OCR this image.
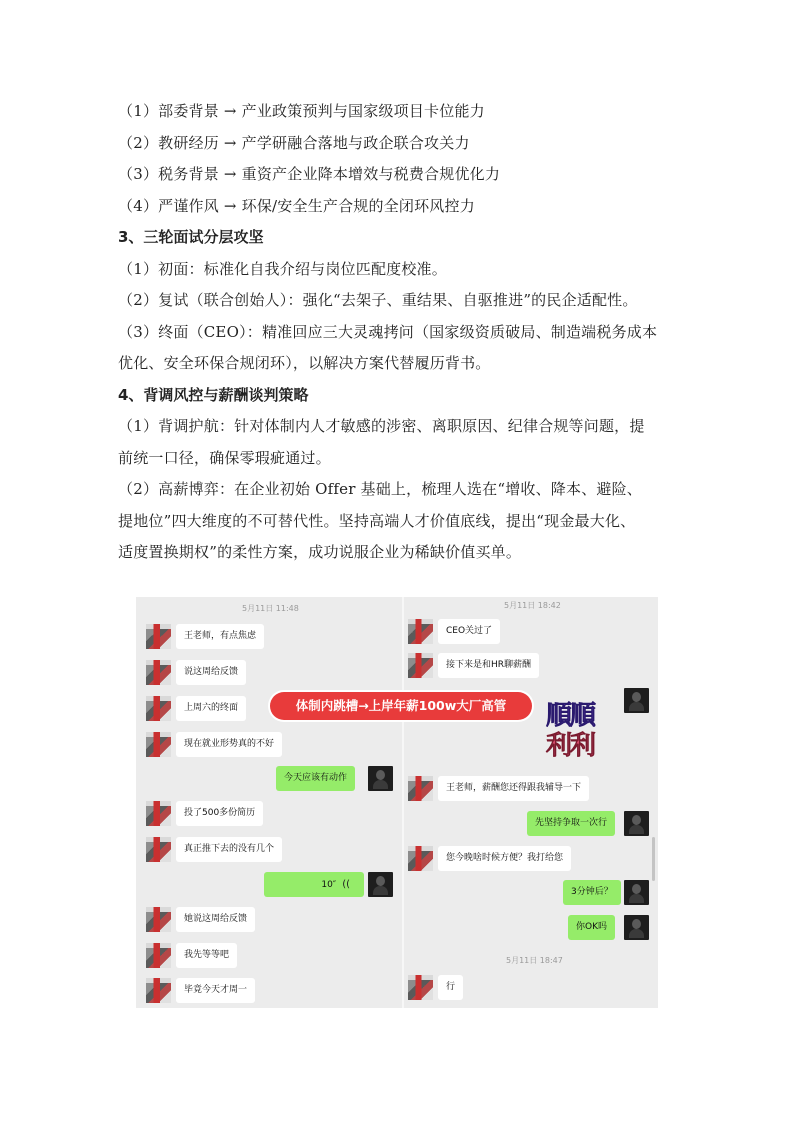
（1）部委背景 → 产业政策预判与国家级项目卡位能力
（2）教研经历 → 产学研融合落地与政企联合攻关力
（3）税务背景 → 重资产企业降本增效与税费合规优化力
（4）严谨作风 → 环保/安全生产合规的全闭环风控力
3、三轮面试分层攻坚
（1）初面：标准化自我介绍与岗位匹配度校准。
（2）复试（联合创始人）：强化“去架子、重结果、自驱推进”的民企适配性。
（3）终面（CEO）：精准回应三大灵魂拷问（国家级资质破局、制造端税务成本
优化、安全环保合规闭环），以解决方案代替履历背书。
4、背调风控与薪酬谈判策略
（1）背调护航：针对体制内人才敏感的涉密、离职原因、纪律合规等问题，提
前统一口径，确保零瑕疵通过。
（2）高薪博弈：在企业初始 Offer 基础上，梳理人选在“增收、降本、避险、
提地位”四大维度的不可替代性。坚持高端人才价值底线，提出“现金最大化、
适度置换期权”的柔性方案，成功说服企业为稀缺价值买单。
5月11日 11:48
王老师，有点焦虑
说这周给反馈
上周六的终面
现在就业形势真的不好
今天应该有动作
投了500多份简历
真正推下去的没有几个
10″ ((
她说这周给反馈
我先等等吧
毕竟今天才周一
5月11日 18:42
CEO关过了
接下来是和HR聊薪酬
王老师，薪酬您还得跟我辅导一下
先坚持争取一次行
您今晚啥时候方便？我打给您
3分钟后？
你OK吗
5月11日 18:47
行
体制内跳槽→上岸年薪100w大厂高管	順順
利利
